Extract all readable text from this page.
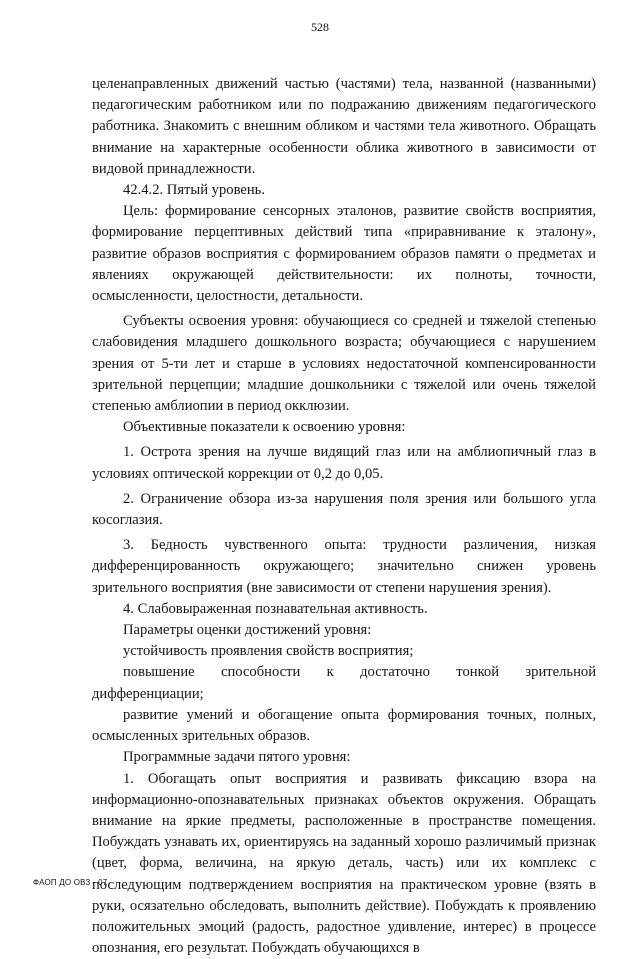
528

целенаправленных движений частью (частями) тела, названной (названными) педагогическим работником или по подражанию движениям педагогического работника. Знакомить с внешним обликом и частями тела животного. Обращать внимание на характерные особенности облика животного в зависимости от видовой принадлежности.

42.4.2. Пятый уровень.

Цель: формирование сенсорных эталонов, развитие свойств восприятия, формирование перцептивных действий типа «приравнивание к эталону», развитие образов восприятия с формированием образов памяти о предметах и явлениях окружающей действительности: их полноты, точности, осмысленности, целостности, детальности.

Субъекты освоения уровня: обучающиеся со средней и тяжелой степенью слабовидения младшего дошкольного возраста; обучающиеся с нарушением зрения от 5-ти лет и старше в условиях недостаточной компенсированности зрительной перцепции; младшие дошкольники с тяжелой или очень тяжелой степенью амблиопии в период окклюзии.

Объективные показатели к освоению уровня:

1. Острота зрения на лучше видящий глаз или на амблиопичный глаз в условиях оптической коррекции от 0,2 до 0,05.

2. Ограничение обзора из-за нарушения поля зрения или большого угла косоглазия.

3. Бедность чувственного опыта: трудности различения, низкая дифференцированность окружающего; значительно снижен уровень зрительного восприятия (вне зависимости от степени нарушения зрения).

4. Слабовыраженная познавательная активность.

Параметры оценки достижений уровня:

устойчивость проявления свойств восприятия;

повышение способности к достаточно тонкой зрительной дифференциации;

развитие умений и обогащение опыта формирования точных, полных, осмысленных зрительных образов.

Программные задачи пятого уровня:

1. Обогащать опыт восприятия и развивать фиксацию взора на информационно-опознавательных признаках объектов окружения. Обращать внимание на яркие предметы, расположенные в пространстве помещения. Побуждать узнавать их, ориентируясь на заданный хорошо различимый признак (цвет, форма, величина, на яркую деталь, часть) или их комплекс с последующим подтверждением восприятия на практическом уровне (взять в руки, осязательно обследовать, выполнить действие). Побуждать к проявлению положительных эмоций (радость, радостное удивление, интерес) в процессе опознания, его результат. Побуждать обучающихся в

ФАОП ДО ОВЗ - 07
